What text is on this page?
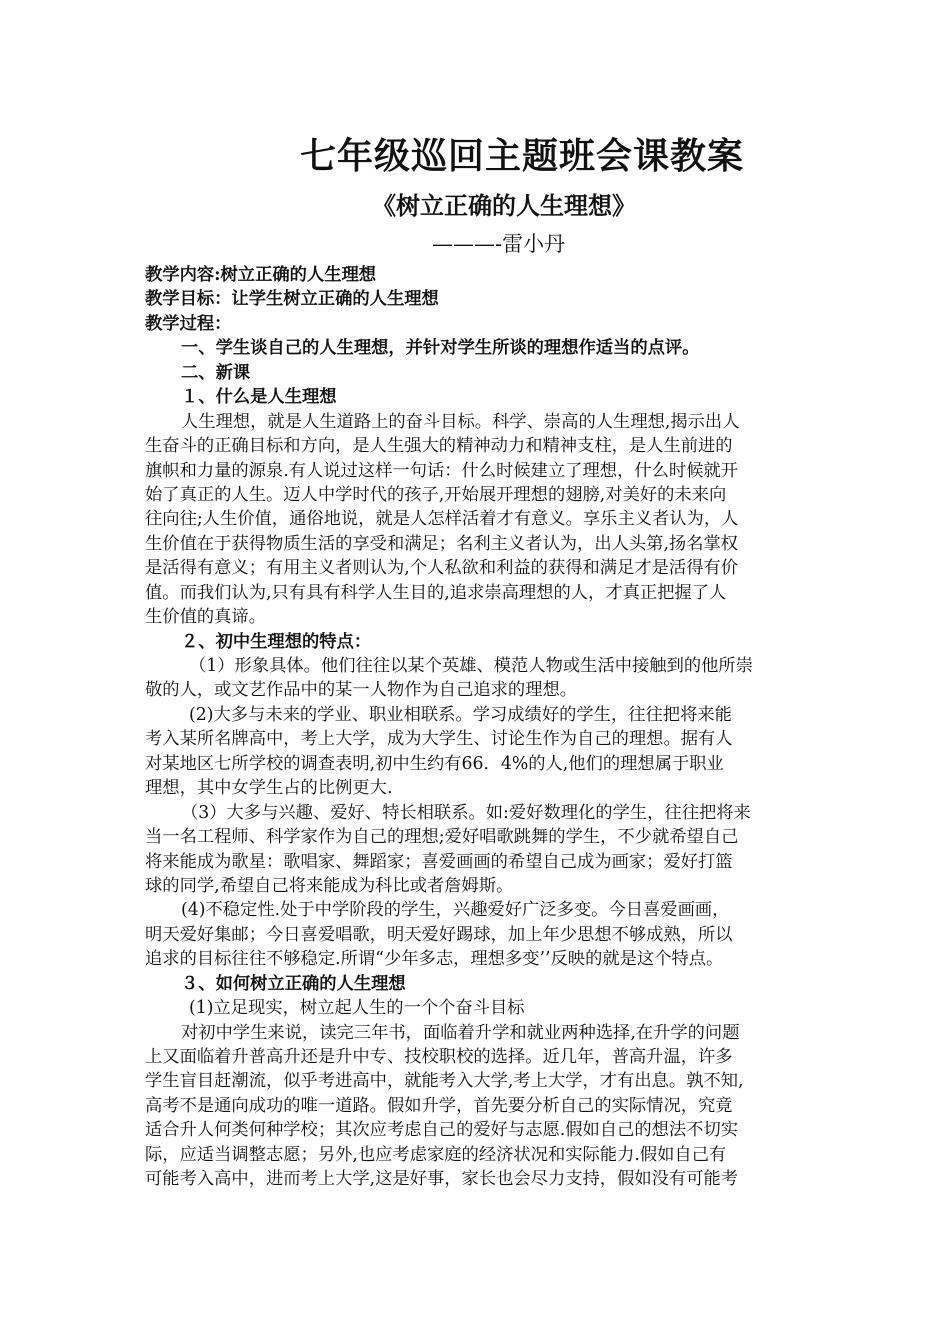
七年级巡回主题班会课教案
《树立正确的人生理想》
———-雷小丹
教学内容:树立正确的人生理想
教学目标：让学生树立正确的人生理想
教学过程：
一、学生谈自己的人生理想，并针对学生所谈的理想作适当的点评。
二、新课
１、什么是人生理想
人生理想，就是人生道路上的奋斗目标。科学、崇高的人生理想,揭示出人
生奋斗的正确目标和方向，是人生强大的精神动力和精神支柱，是人生前进的
旗帜和力量的源泉.有人说过这样一句话：什么时候建立了理想，什么时候就开
始了真正的人生。迈人中学时代的孩子,开始展开理想的翅膀,对美好的未来向
往向往;人生价值，通俗地说，就是人怎样活着才有意义。享乐主义者认为，人
生价值在于获得物质生活的享受和满足；名利主义者认为，出人头第,扬名掌权
是活得有意义；有用主义者则认为,个人私欲和利益的获得和满足才是活得有价
值。而我们认为,只有具有科学人生目的,追求崇高理想的人，才真正把握了人
生价值的真谛。
２、初中生理想的特点：
（1）形象具体。他们往往以某个英雄、模范人物或生活中接触到的他所崇
敬的人，或文艺作品中的某一人物作为自己追求的理想。
(2)大多与未来的学业、职业相联系。学习成绩好的学生，往往把将来能
考入某所名牌高中，考上大学，成为大学生、讨论生作为自己的理想。据有人
对某地区七所学校的调查表明,初中生约有66．4%的人,他们的理想属于职业
理想，其中女学生占的比例更大.
（3）大多与兴趣、爱好、特长相联系。如:爱好数理化的学生，往往把将来
当一名工程师、科学家作为自己的理想;爱好唱歌跳舞的学生，不少就希望自己
将来能成为歌星：歌唱家、舞蹈家；喜爱画画的希望自己成为画家；爱好打篮
球的同学,希望自己将来能成为科比或者詹姆斯。
(4)不稳定性.处于中学阶段的学生，兴趣爱好广泛多变。今日喜爱画画，
明天爱好集邮；今日喜爱唱歌，明天爱好踢球，加上年少思想不够成熟，所以
追求的目标往往不够稳定.所谓“少年多志，理想多变’’反映的就是这个特点。
３、如何树立正确的人生理想
(1)立足现实，树立起人生的一个个奋斗目标
对初中学生来说，读完三年书，面临着升学和就业两种选择,在升学的问题
上又面临着升普高升还是升中专、技校职校的选择。近几年，普高升温，许多
学生盲目赶潮流，似乎考进高中，就能考入大学,考上大学，才有出息。孰不知,
高考不是通向成功的唯一道路。假如升学，首先要分析自己的实际情况，究竟
适合升人何类何种学校；其次应考虑自己的爱好与志愿.假如自己的想法不切实
际，应适当调整志愿；另外,也应考虑家庭的经济状况和实际能力.假如自己有
可能考入高中，进而考上大学,这是好事，家长也会尽力支持，假如没有可能考
